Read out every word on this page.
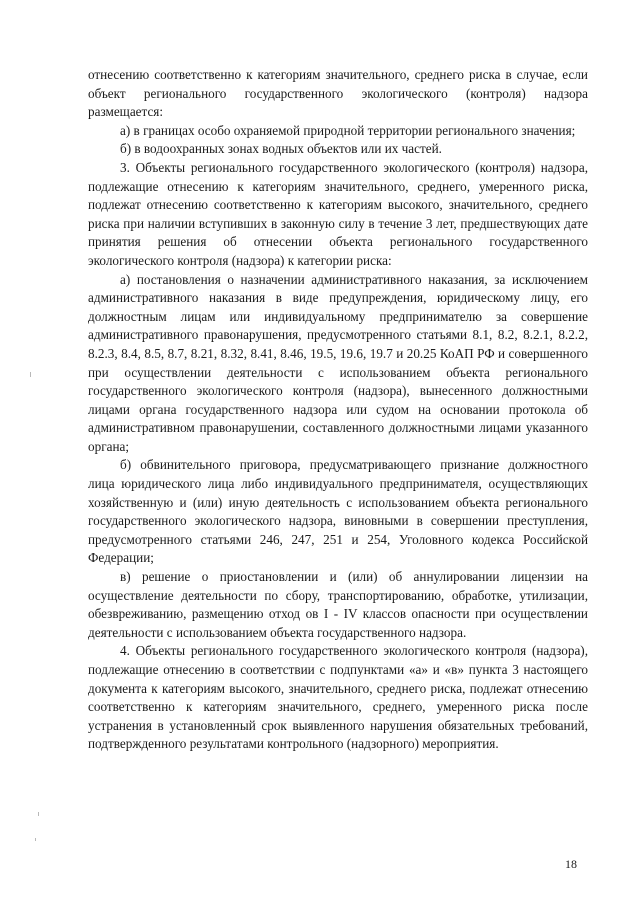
отнесению соответственно к категориям значительного, среднего риска в случае, если объект регионального государственного экологического (контроля) надзора размещается:

а) в границах особо охраняемой природной территории регионального значения;

б) в водоохранных зонах водных объектов или их частей.

3. Объекты регионального государственного экологического (контроля) надзора, подлежащие отнесению к категориям значительного, среднего, умеренного риска, подлежат отнесению соответственно к категориям высокого, значительного, среднего риска при наличии вступивших в законную силу в течение 3 лет, предшествующих дате принятия решения об отнесении объекта регионального государственного экологического контроля (надзора) к категории риска:

а) постановления о назначении административного наказания, за исключением административного наказания в виде предупреждения, юридическому лицу, его должностным лицам или индивидуальному предпринимателю за совершение административного правонарушения, предусмотренного статьями 8.1, 8.2, 8.2.1, 8.2.2, 8.2.3, 8.4, 8.5, 8.7, 8.21, 8.32, 8.41, 8.46, 19.5, 19.6, 19.7 и 20.25 КоАП РФ и совершенного при осуществлении деятельности с использованием объекта регионального государственного экологического контроля (надзора), вынесенного должностными лицами органа государственного надзора или судом на основании протокола об административном правонарушении, составленного должностными лицами указанного органа;

б) обвинительного приговора, предусматривающего признание должностного лица юридического лица либо индивидуального предпринимателя, осуществляющих хозяйственную и (или) иную деятельность с использованием объекта регионального государственного экологического надзора, виновными в совершении преступления, предусмотренного статьями 246, 247, 251 и 254, Уголовного кодекса Российской Федерации;

в) решение о приостановлении и (или) об аннулировании лицензии на осуществление деятельности по сбору, транспортированию, обработке, утилизации, обезвреживанию, размещению отход ов I - IV классов опасности при осуществлении деятельности с использованием объекта государственного надзора.

4. Объекты регионального государственного экологического контроля (надзора), подлежащие отнесению в соответствии с подпунктами «а» и «в» пункта 3 настоящего документа к категориям высокого, значительного, среднего риска, подлежат отнесению соответственно к категориям значительного, среднего, умеренного риска после устранения в установленный срок выявленного нарушения обязательных требований, подтвержденного результатами контрольного (надзорного) мероприятия.

18
